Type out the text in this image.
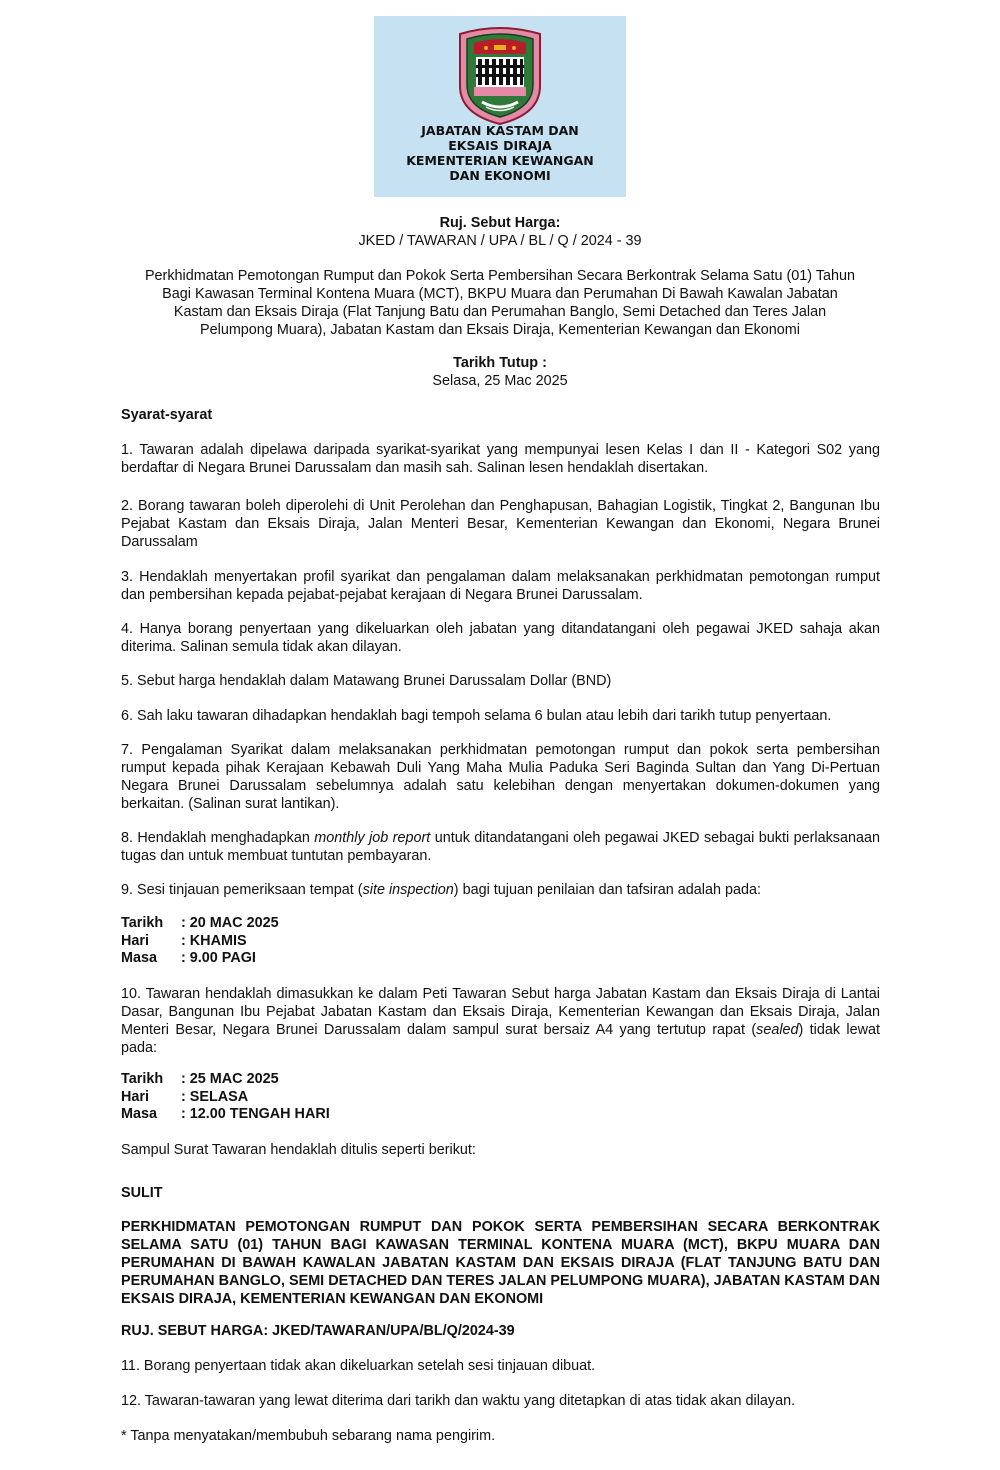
JABATAN KASTAM DAN
EKSAIS DIRAJA
KEMENTERIAN KEWANGAN
DAN EKONOMI
Ruj. Sebut Harga:
JKED / TAWARAN / UPA / BL / Q / 2024 - 39
Perkhidmatan Pemotongan Rumput dan Pokok Serta Pembersihan Secara Berkontrak Selama Satu (01) Tahun
Bagi Kawasan Terminal Kontena Muara (MCT), BKPU Muara dan Perumahan Di Bawah Kawalan Jabatan
Kastam dan Eksais Diraja (Flat Tanjung Batu dan Perumahan Banglo, Semi Detached dan Teres Jalan
Pelumpong Muara), Jabatan Kastam dan Eksais Diraja, Kementerian Kewangan dan Ekonomi
Tarikh Tutup :
Selasa, 25 Mac 2025
Syarat-syarat
1. Tawaran adalah dipelawa daripada syarikat-syarikat yang mempunyai lesen Kelas I dan II - Kategori S02 yang berdaftar di Negara Brunei Darussalam dan masih sah. Salinan lesen hendaklah disertakan.
2. Borang tawaran boleh diperolehi di Unit Perolehan dan Penghapusan, Bahagian Logistik, Tingkat 2, Bangunan Ibu Pejabat Kastam dan Eksais Diraja, Jalan Menteri Besar, Kementerian Kewangan dan Ekonomi, Negara Brunei Darussalam
3. Hendaklah menyertakan profil syarikat dan pengalaman dalam melaksanakan perkhidmatan pemotongan rumput dan pembersihan kepada pejabat-pejabat kerajaan di Negara Brunei Darussalam.
4. Hanya borang penyertaan yang dikeluarkan oleh jabatan yang ditandatangani oleh pegawai JKED sahaja akan diterima. Salinan semula tidak akan dilayan.
5. Sebut harga hendaklah dalam Matawang Brunei Darussalam Dollar (BND)
6. Sah laku tawaran dihadapkan hendaklah bagi tempoh selama 6 bulan atau lebih dari tarikh tutup penyertaan.
7. Pengalaman Syarikat dalam melaksanakan perkhidmatan pemotongan rumput dan pokok serta pembersihan rumput kepada pihak Kerajaan Kebawah Duli Yang Maha Mulia Paduka Seri Baginda Sultan dan Yang Di-Pertuan Negara Brunei Darussalam sebelumnya adalah satu kelebihan dengan menyertakan dokumen-dokumen yang berkaitan. (Salinan surat lantikan).
8. Hendaklah menghadapkan monthly job report untuk ditandatangani oleh pegawai JKED sebagai bukti perlaksanaan tugas dan untuk membuat tuntutan pembayaran.
9. Sesi tinjauan pemeriksaan tempat (site inspection) bagi tujuan penilaian dan tafsiran adalah pada:
Tarikh	: 20 MAC 2025
Hari	: KHAMIS
Masa	: 9.00 PAGI
10. Tawaran hendaklah dimasukkan ke dalam Peti Tawaran Sebut harga Jabatan Kastam dan Eksais Diraja di Lantai Dasar, Bangunan Ibu Pejabat Jabatan Kastam dan Eksais Diraja, Kementerian Kewangan dan Eksais Diraja, Jalan Menteri Besar, Negara Brunei Darussalam dalam sampul surat bersaiz A4 yang tertutup rapat (sealed) tidak lewat pada:
Tarikh	: 25 MAC 2025
Hari	: SELASA
Masa	: 12.00 TENGAH HARI
Sampul Surat Tawaran hendaklah ditulis seperti berikut:
SULIT
PERKHIDMATAN PEMOTONGAN RUMPUT DAN POKOK SERTA PEMBERSIHAN SECARA BERKONTRAK SELAMA SATU (01) TAHUN BAGI KAWASAN TERMINAL KONTENA MUARA (MCT), BKPU MUARA DAN PERUMAHAN DI BAWAH KAWALAN JABATAN KASTAM DAN EKSAIS DIRAJA (FLAT TANJUNG BATU DAN PERUMAHAN BANGLO, SEMI DETACHED DAN TERES JALAN PELUMPONG MUARA), JABATAN KASTAM DAN EKSAIS DIRAJA, KEMENTERIAN KEWANGAN DAN EKONOMI
RUJ. SEBUT HARGA: JKED/TAWARAN/UPA/BL/Q/2024-39
11. Borang penyertaan tidak akan dikeluarkan setelah sesi tinjauan dibuat.
12. Tawaran-tawaran yang lewat diterima dari tarikh dan waktu yang ditetapkan di atas tidak akan dilayan.
* Tanpa menyatakan/membubuh sebarang nama pengirim.
